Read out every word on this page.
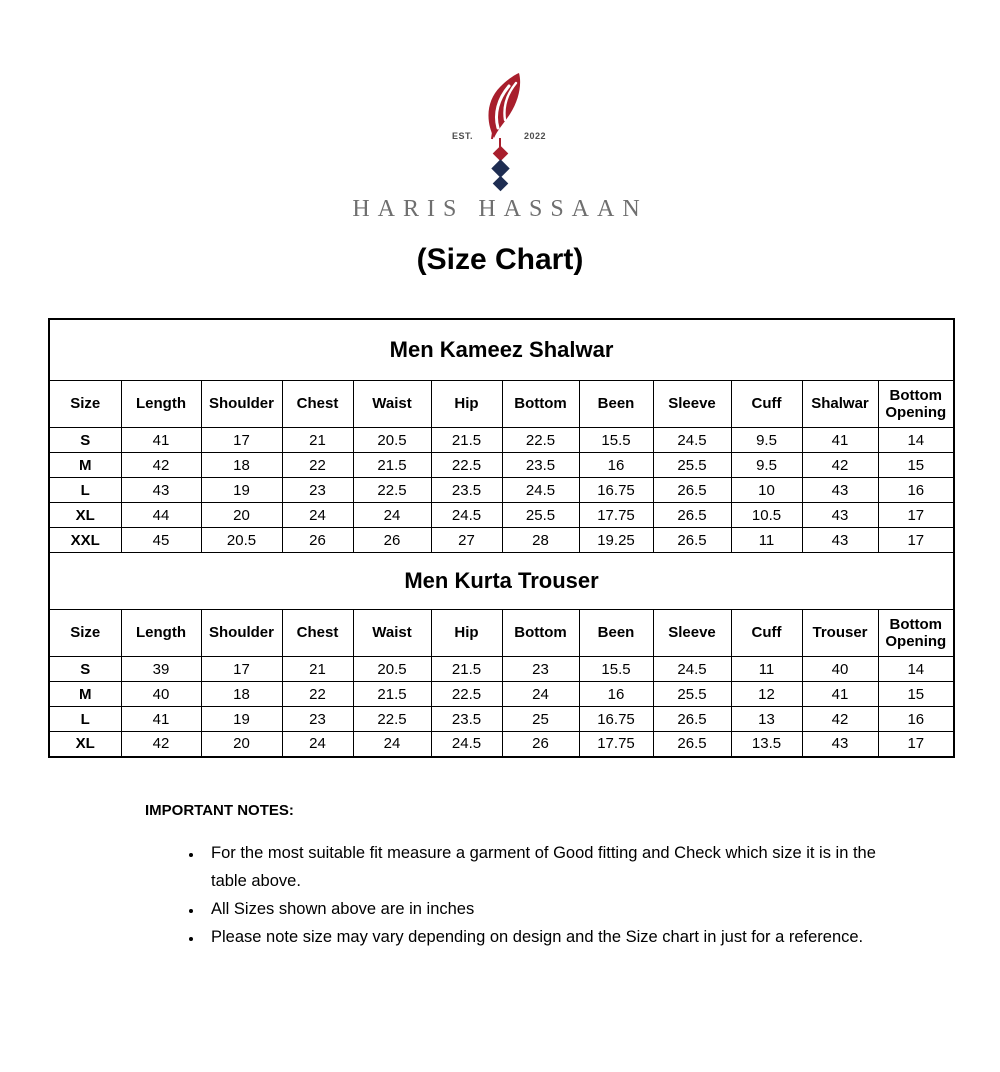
EST.	2022
HARIS HASSAAN
(Size Chart)
Men Kameez Shalwar											
Size	Length	Shoulder	Chest	Waist	Hip	Bottom	Been	Sleeve	Cuff	Shalwar	Bottom Opening
S	41	17	21	20.5	21.5	22.5	15.5	24.5	9.5	41	14
M	42	18	22	21.5	22.5	23.5	16	25.5	9.5	42	15
L	43	19	23	22.5	23.5	24.5	16.75	26.5	10	43	16
XL	44	20	24	24	24.5	25.5	17.75	26.5	10.5	43	17
XXL	45	20.5	26	26	27	28	19.25	26.5	11	43	17
Men Kurta Trouser											
Size	Length	Shoulder	Chest	Waist	Hip	Bottom	Been	Sleeve	Cuff	Trouser	Bottom Opening
S	39	17	21	20.5	21.5	23	15.5	24.5	11	40	14
M	40	18	22	21.5	22.5	24	16	25.5	12	41	15
L	41	19	23	22.5	23.5	25	16.75	26.5	13	42	16
XL	42	20	24	24	24.5	26	17.75	26.5	13.5	43	17
IMPORTANT NOTES:
• For the most suitable fit measure a garment of Good fitting and Check which size it is in the table above.
• All Sizes shown above are in inches
• Please note size may vary depending on design and the Size chart in just for a reference.
